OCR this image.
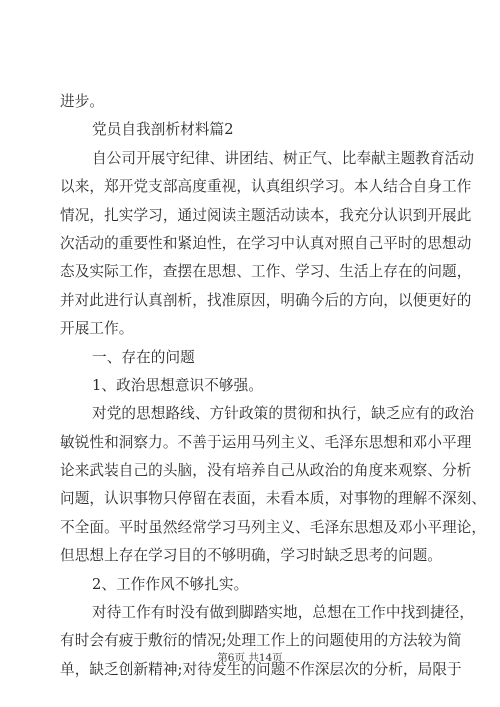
进步。
党员自我剖析材料篇2
自公司开展守纪律、讲团结、树正气、比奉献主题教育活动
以来，郑开党支部高度重视，认真组织学习。本人结合自身工作
情况，扎实学习，通过阅读主题活动读本，我充分认识到开展此
次活动的重要性和紧迫性，在学习中认真对照自己平时的思想动
态及实际工作，查摆在思想、工作、学习、生活上存在的问题，
并对此进行认真剖析，找准原因，明确今后的方向，以便更好的
开展工作。
一、存在的问题
1、政治思想意识不够强。
对党的思想路线、方针政策的贯彻和执行，缺乏应有的政治
敏锐性和洞察力。不善于运用马列主义、毛泽东思想和邓小平理
论来武装自己的头脑，没有培养自己从政治的角度来观察、分析
问题，认识事物只停留在表面，未看本质，对事物的理解不深刻、
不全面。平时虽然经常学习马列主义、毛泽东思想及邓小平理论，
但思想上存在学习目的不够明确，学习时缺乏思考的问题。
2、工作作风不够扎实。
对待工作有时没有做到脚踏实地，总想在工作中找到捷径，
有时会有疲于敷衍的情况;处理工作上的问题使用的方法较为简
单，缺乏创新精神;对待发生的问题不作深层次的分析，局限于
第6页 共14页
